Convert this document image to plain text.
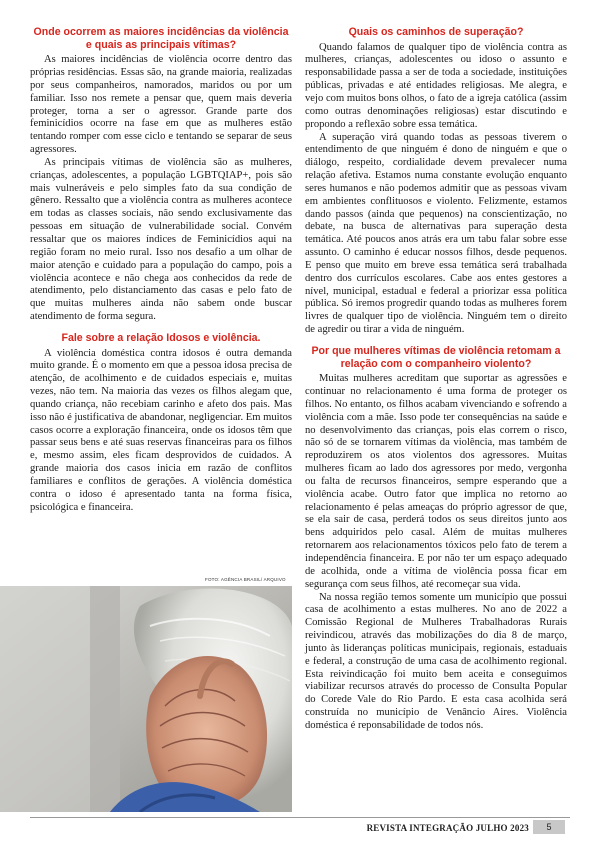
Onde ocorrem as maiores incidências da violência e quais as principais vítimas?

As maiores incidências de violência ocorre dentro das próprias residências. Essas são, na grande maioria, realizadas por seus companheiros, namorados, maridos ou por um familiar. Isso nos remete a pensar que, quem mais deveria proteger, torna a ser o agressor. Grande parte dos feminicídios ocorre na fase em que as mulheres estão tentando romper com esse ciclo e tentando se separar de seus agressores.

As principais vítimas de violência são as mulheres, crianças, adolescentes, a população LGBTQIAP+, pois são mais vulneráveis e pelo simples fato da sua condição de gênero. Ressalto que a violência contra as mulheres acontece em todas as classes sociais, não sendo exclusivamente das pessoas em situação de vulnerabilidade social. Convém ressaltar que os maiores índices de Feminicídios aqui na região foram no meio rural. Isso nos desafio a um olhar de maior atenção e cuidado para a população do campo, pois a violência acontece e não chega aos conhecidos da rede de atendimento, pelo distanciamento das casas e pelo fato de que muitas mulheres ainda não sabem onde buscar atendimento de forma segura.

Fale sobre a relação Idosos e violência.

A violência doméstica contra idosos é outra demanda muito grande. É o momento em que a pessoa idosa precisa de atenção, de acolhimento e de cuidados especiais e, muitas vezes, não tem. Na maioria das vezes os filhos alegam que, quando criança, não recebiam carinho e afeto dos pais. Mas isso não é justificativa de abandonar, negligenciar. Em muitos casos ocorre a exploração financeira, onde os idosos têm que passar seus bens e até suas reservas financeiras para os filhos e, mesmo assim, eles ficam desprovidos de cuidados. A grande maioria dos casos inicia em razão de conflitos familiares e conflitos de gerações. A violência doméstica contra o idoso é apresentado tanta na forma física, psicológica e financeira.

FOTO: AGÊNCIA BRASIL/ ARQUIVO
Quais os caminhos de superação?

Quando falamos de qualquer tipo de violência contra as mulheres, crianças, adolescentes ou idoso o assunto e responsabilidade passa a ser de toda a sociedade, instituições públicas, privadas e até entidades religiosas. Me alegra, e vejo com muitos bons olhos, o fato de a igreja católica (assim como outras denominações religiosas) estar discutindo e propondo a reflexão sobre essa temática.

A superação virá quando todas as pessoas tiverem o entendimento de que ninguém é dono de ninguém e que o diálogo, respeito, cordialidade devem prevalecer numa relação afetiva. Estamos numa constante evolução enquanto seres humanos e não podemos admitir que as pessoas vivam em ambientes conflituosos e violento. Felizmente, estamos dando passos (ainda que pequenos) na conscientização, no debate, na busca de alternativas para superação desta temática. Até poucos anos atrás era um tabu falar sobre esse assunto. O caminho é educar nossos filhos, desde pequenos. E penso que muito em breve essa temática será trabalhada dentro dos currículos escolares. Cabe aos entes gestores a nível, municipal, estadual e federal a priorizar essa política pública. Só iremos progredir quando todas as mulheres forem livres de qualquer tipo de violência. Ninguém tem o direito de agredir ou tirar a vida de ninguém.

Por que mulheres vítimas de violência retomam a relação com o companheiro violento?

Muitas mulheres acreditam que suportar as agressões e continuar no relacionamento é uma forma de proteger os filhos. No entanto, os filhos acabam vivenciando e sofrendo a violência com a mãe. Isso pode ter consequências na saúde e no desenvolvimento das crianças, pois elas correm o risco, não só de se tornarem vítimas da violência, mas também de reproduzirem os atos violentos dos agressores. Muitas mulheres ficam ao lado dos agressores por medo, vergonha ou falta de recursos financeiros, sempre esperando que a violência acabe. Outro fator que implica no retorno ao relacionamento é pelas ameaças do próprio agressor de que, se ela sair de casa, perderá todos os seus direitos junto aos bens adquiridos pelo casal. Além de muitas mulheres retornarem aos relacionamentos tóxicos pelo fato de terem a independência financeira. E por não ter um espaço adequado de acolhida, onde a vítima de violência possa ficar em segurança com seus filhos, até recomeçar sua vida.

Na nossa região temos somente um município que possui casa de acolhimento a estas mulheres. No ano de 2022 a Comissão Regional de Mulheres Trabalhadoras Rurais reivindicou, através das mobilizações do dia 8 de março, junto às lideranças políticas municipais, regionais, estaduais e federal, a construção de uma casa de acolhimento regional. Esta reivindicação foi muito bem aceita e conseguimos viabilizar recursos através do processo de Consulta Popular do Corede Vale do Rio Pardo. E esta casa acolhida será construída no município de Venâncio Aires. Violência doméstica é reponsabilidade de todos nós.

REVISTA INTEGRAÇÃO JULHO 2023	5
